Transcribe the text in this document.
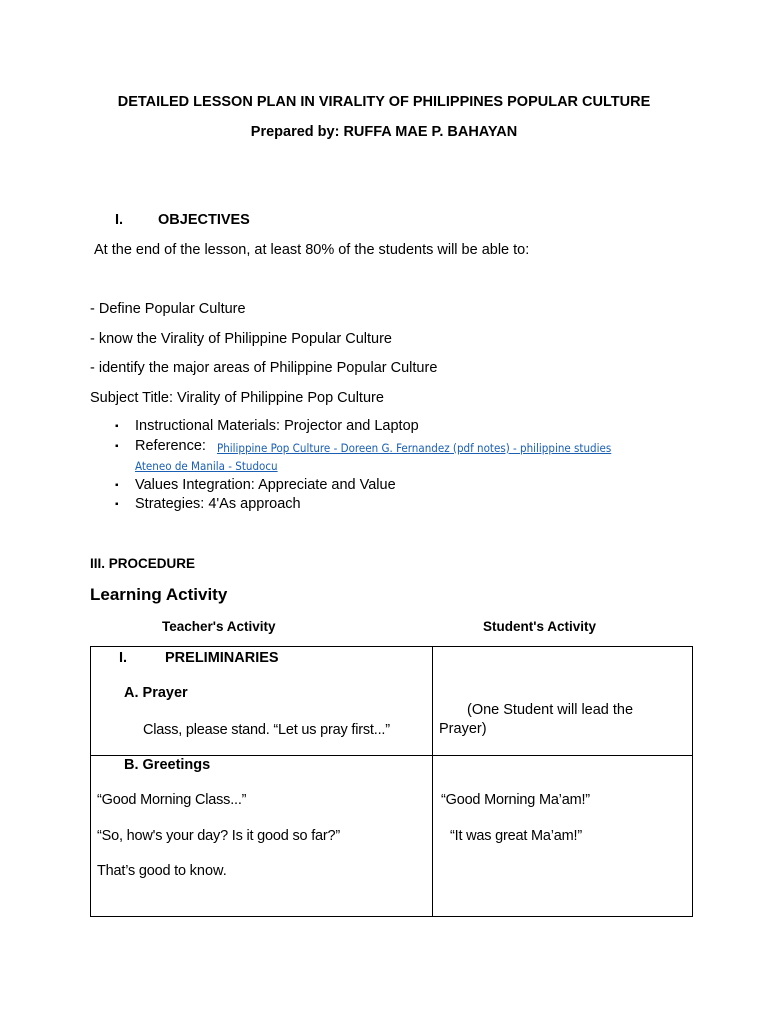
DETAILED LESSON PLAN IN VIRALITY OF PHILIPPINES POPULAR CULTURE
Prepared by: RUFFA MAE P. BAHAYAN
I. OBJECTIVES
At the end of the lesson, at least 80% of the students will be able to:
- Define Popular Culture
- know the Virality of Philippine Popular Culture
- identify the major areas of Philippine Popular Culture
Subject Title: Virality of Philippine Pop Culture
▪ Instructional Materials: Projector and Laptop
▪ Reference: Philippine Pop Culture - Doreen G. Fernandez (pdf notes) - philippine studies
Ateneo de Manila - Studocu
▪ Values Integration: Appreciate and Value
▪ Strategies: 4'As approach
III. PROCEDURE
Learning Activity
Teacher's Activity	Student's Activity
I. PRELIMINARIES
A. Prayer
Class, please stand. “Let us pray first...”	(One Student will lead the
Prayer)

B. Greetings
“Good Morning Class...”
“So, how's your day? Is it good so far?”
That’s good to know.	“Good Morning Ma’am!”
“It was great Ma’am!”
